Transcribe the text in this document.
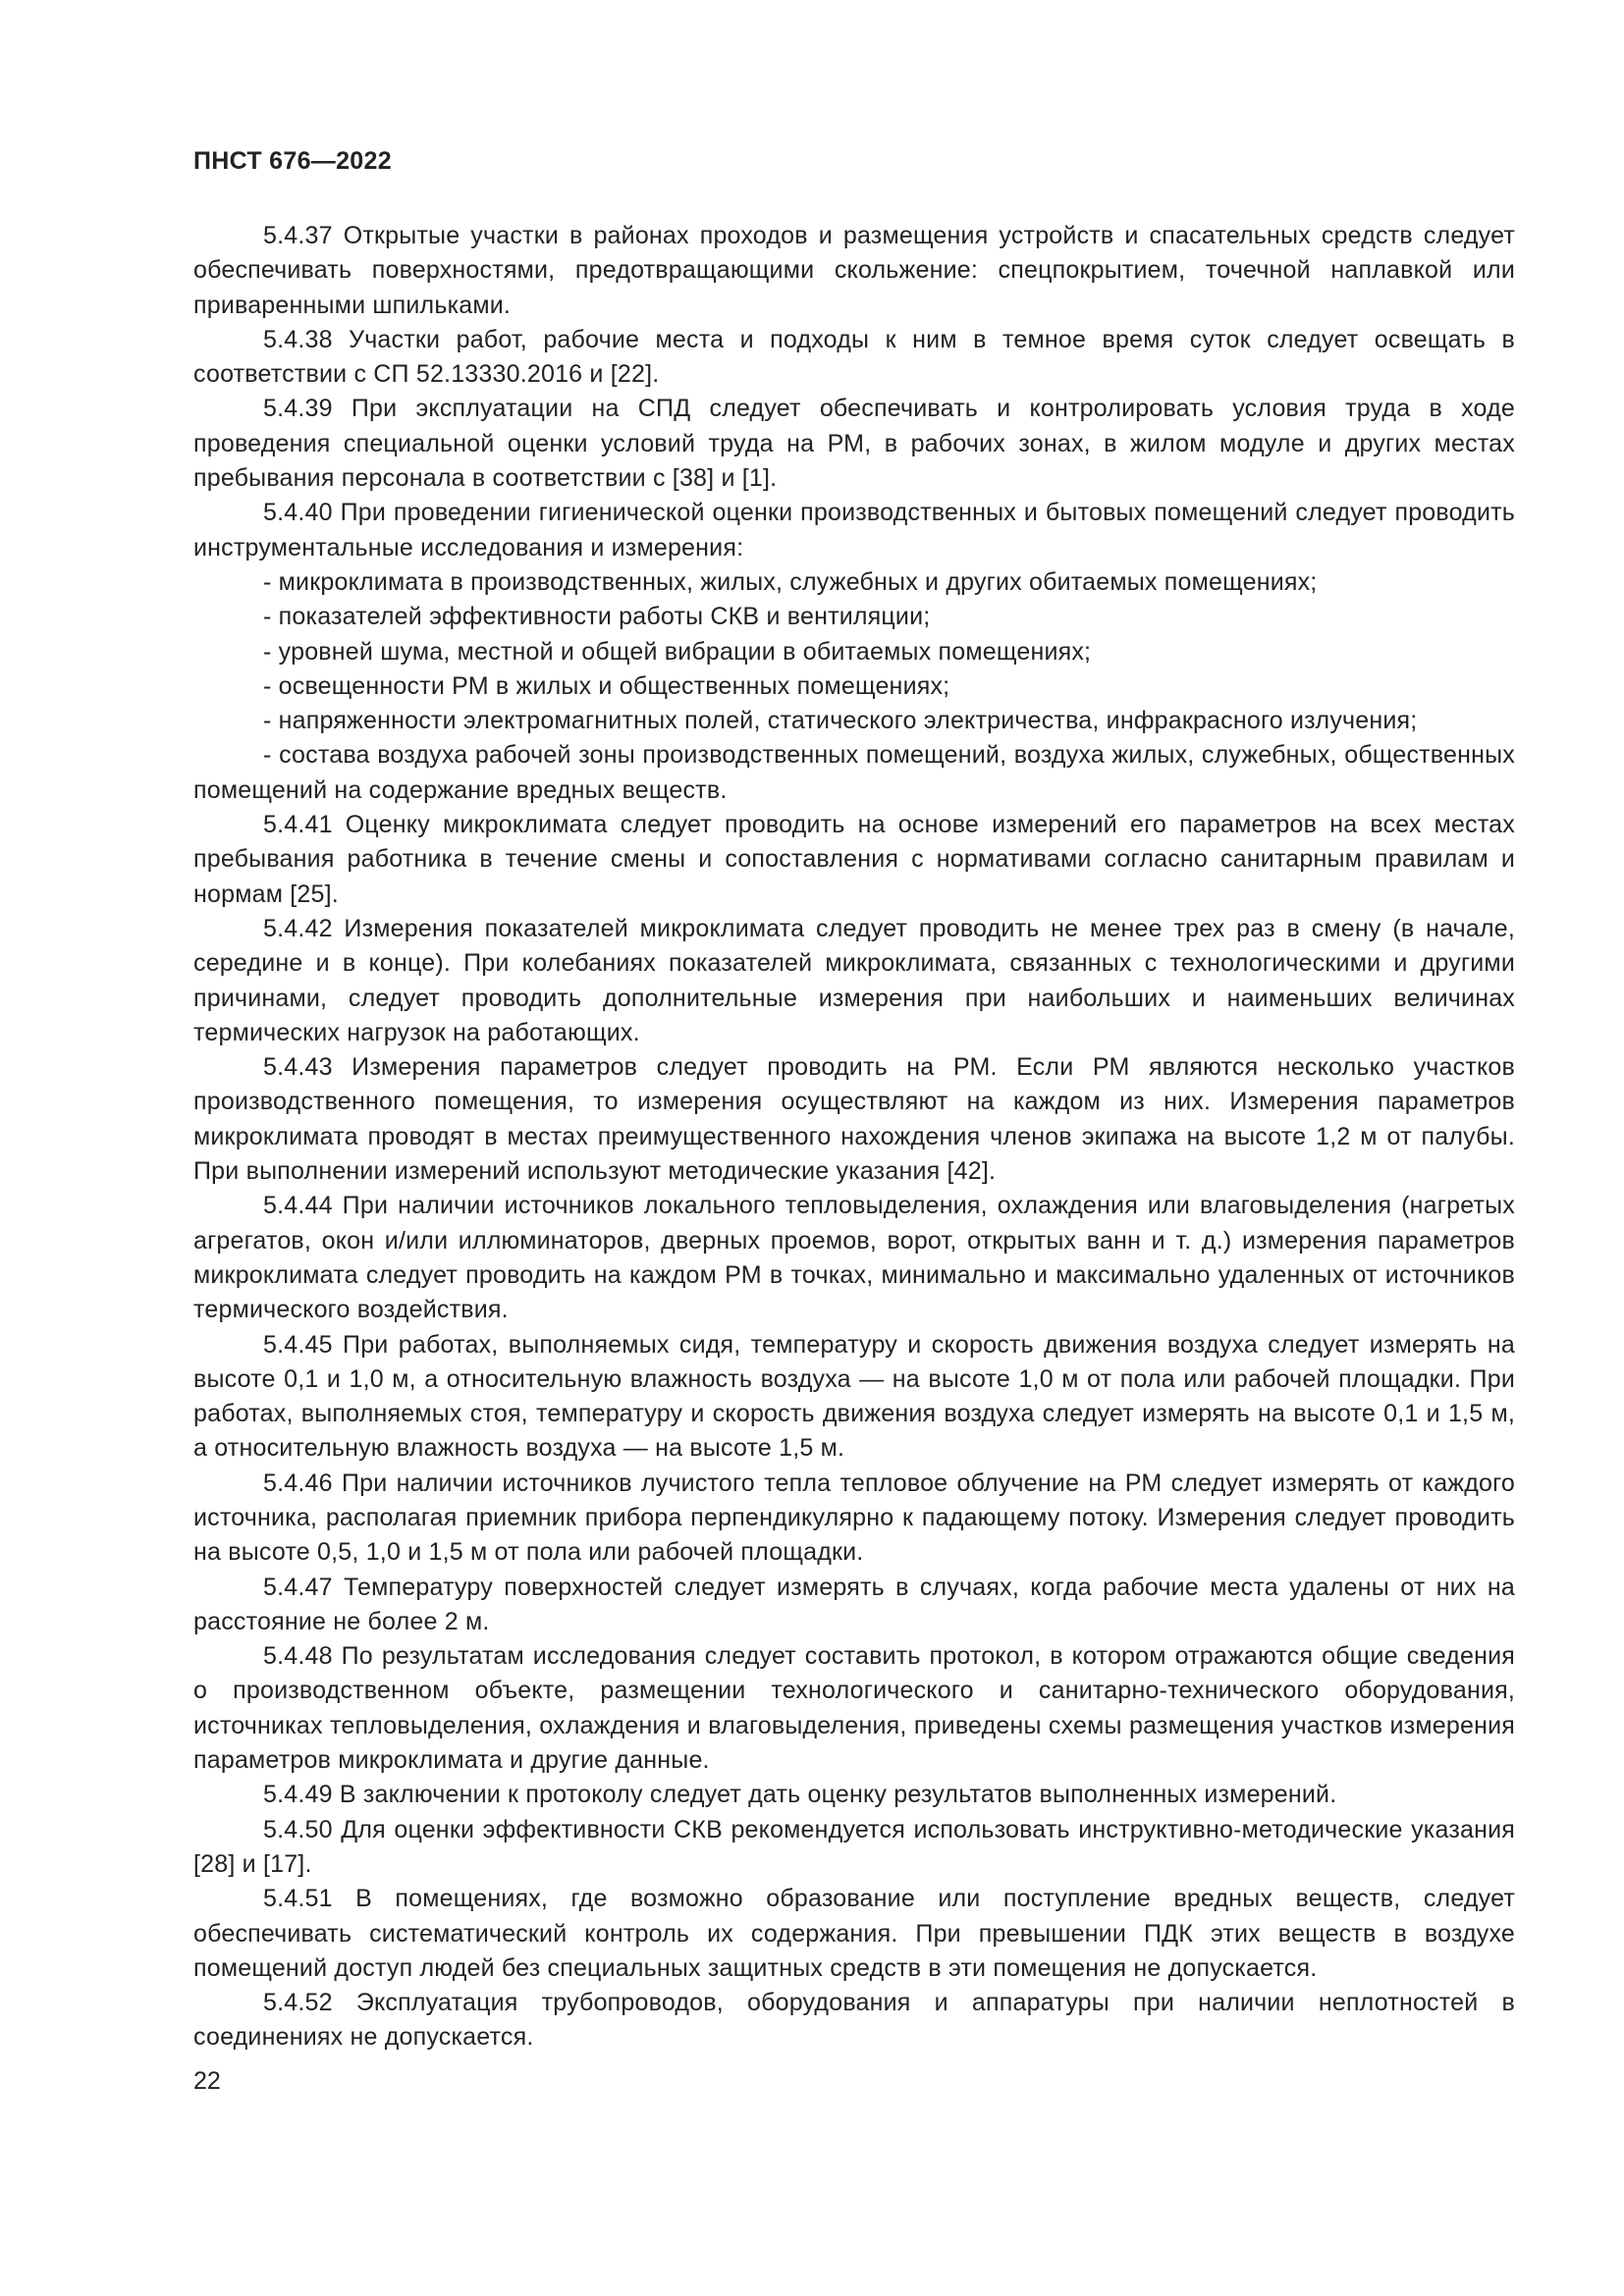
ПНСТ 676—2022

5.4.37 Открытые участки в районах проходов и размещения устройств и спасательных средств следует обеспечивать поверхностями, предотвращающими скольжение: спецпокрытием, точечной наплавкой или приваренными шпильками.

5.4.38 Участки работ, рабочие места и подходы к ним в темное время суток следует освещать в соответствии с СП 52.13330.2016 и [22].

5.4.39 При эксплуатации на СПД следует обеспечивать и контролировать условия труда в ходе проведения специальной оценки условий труда на РМ, в рабочих зонах, в жилом модуле и других местах пребывания персонала в соответствии с [38] и [1].

5.4.40 При проведении гигиенической оценки производственных и бытовых помещений следует проводить инструментальные исследования и измерения:

- микроклимата в производственных, жилых, служебных и других обитаемых помещениях;

- показателей эффективности работы СКВ и вентиляции;

- уровней шума, местной и общей вибрации в обитаемых помещениях;

- освещенности РМ в жилых и общественных помещениях;

- напряженности электромагнитных полей, статического электричества, инфракрасного излучения;

- состава воздуха рабочей зоны производственных помещений, воздуха жилых, служебных, общественных помещений на содержание вредных веществ.

5.4.41 Оценку микроклимата следует проводить на основе измерений его параметров на всех местах пребывания работника в течение смены и сопоставления с нормативами согласно санитарным правилам и нормам [25].

5.4.42 Измерения показателей микроклимата следует проводить не менее трех раз в смену (в начале, середине и в конце). При колебаниях показателей микроклимата, связанных с технологическими и другими причинами, следует проводить дополнительные измерения при наибольших и наименьших величинах термических нагрузок на работающих.

5.4.43 Измерения параметров следует проводить на РМ. Если РМ являются несколько участков производственного помещения, то измерения осуществляют на каждом из них. Измерения параметров микроклимата проводят в местах преимущественного нахождения членов экипажа на высоте 1,2 м от палубы. При выполнении измерений используют методические указания [42].

5.4.44 При наличии источников локального тепловыделения, охлаждения или влаговыделения (нагретых агрегатов, окон и/или иллюминаторов, дверных проемов, ворот, открытых ванн и т. д.) измерения параметров микроклимата следует проводить на каждом РМ в точках, минимально и максимально удаленных от источников термического воздействия.

5.4.45 При работах, выполняемых сидя, температуру и скорость движения воздуха следует измерять на высоте 0,1 и 1,0 м, а относительную влажность воздуха — на высоте 1,0 м от пола или рабочей площадки. При работах, выполняемых стоя, температуру и скорость движения воздуха следует измерять на высоте 0,1 и 1,5 м, а относительную влажность воздуха — на высоте 1,5 м.

5.4.46 При наличии источников лучистого тепла тепловое облучение на РМ следует измерять от каждого источника, располагая приемник прибора перпендикулярно к падающему потоку. Измерения следует проводить на высоте 0,5, 1,0 и 1,5 м от пола или рабочей площадки.

5.4.47 Температуру поверхностей следует измерять в случаях, когда рабочие места удалены от них на расстояние не более 2 м.

5.4.48 По результатам исследования следует составить протокол, в котором отражаются общие сведения о производственном объекте, размещении технологического и санитарно-технического оборудования, источниках тепловыделения, охлаждения и влаговыделения, приведены схемы размещения участков измерения параметров микроклимата и другие данные.

5.4.49 В заключении к протоколу следует дать оценку результатов выполненных измерений.

5.4.50 Для оценки эффективности СКВ рекомендуется использовать инструктивно-методические указания [28] и [17].

5.4.51 В помещениях, где возможно образование или поступление вредных веществ, следует обеспечивать систематический контроль их содержания. При превышении ПДК этих веществ в воздухе помещений доступ людей без специальных защитных средств в эти помещения не допускается.

5.4.52 Эксплуатация трубопроводов, оборудования и аппаратуры при наличии неплотностей в соединениях не допускается.

22
